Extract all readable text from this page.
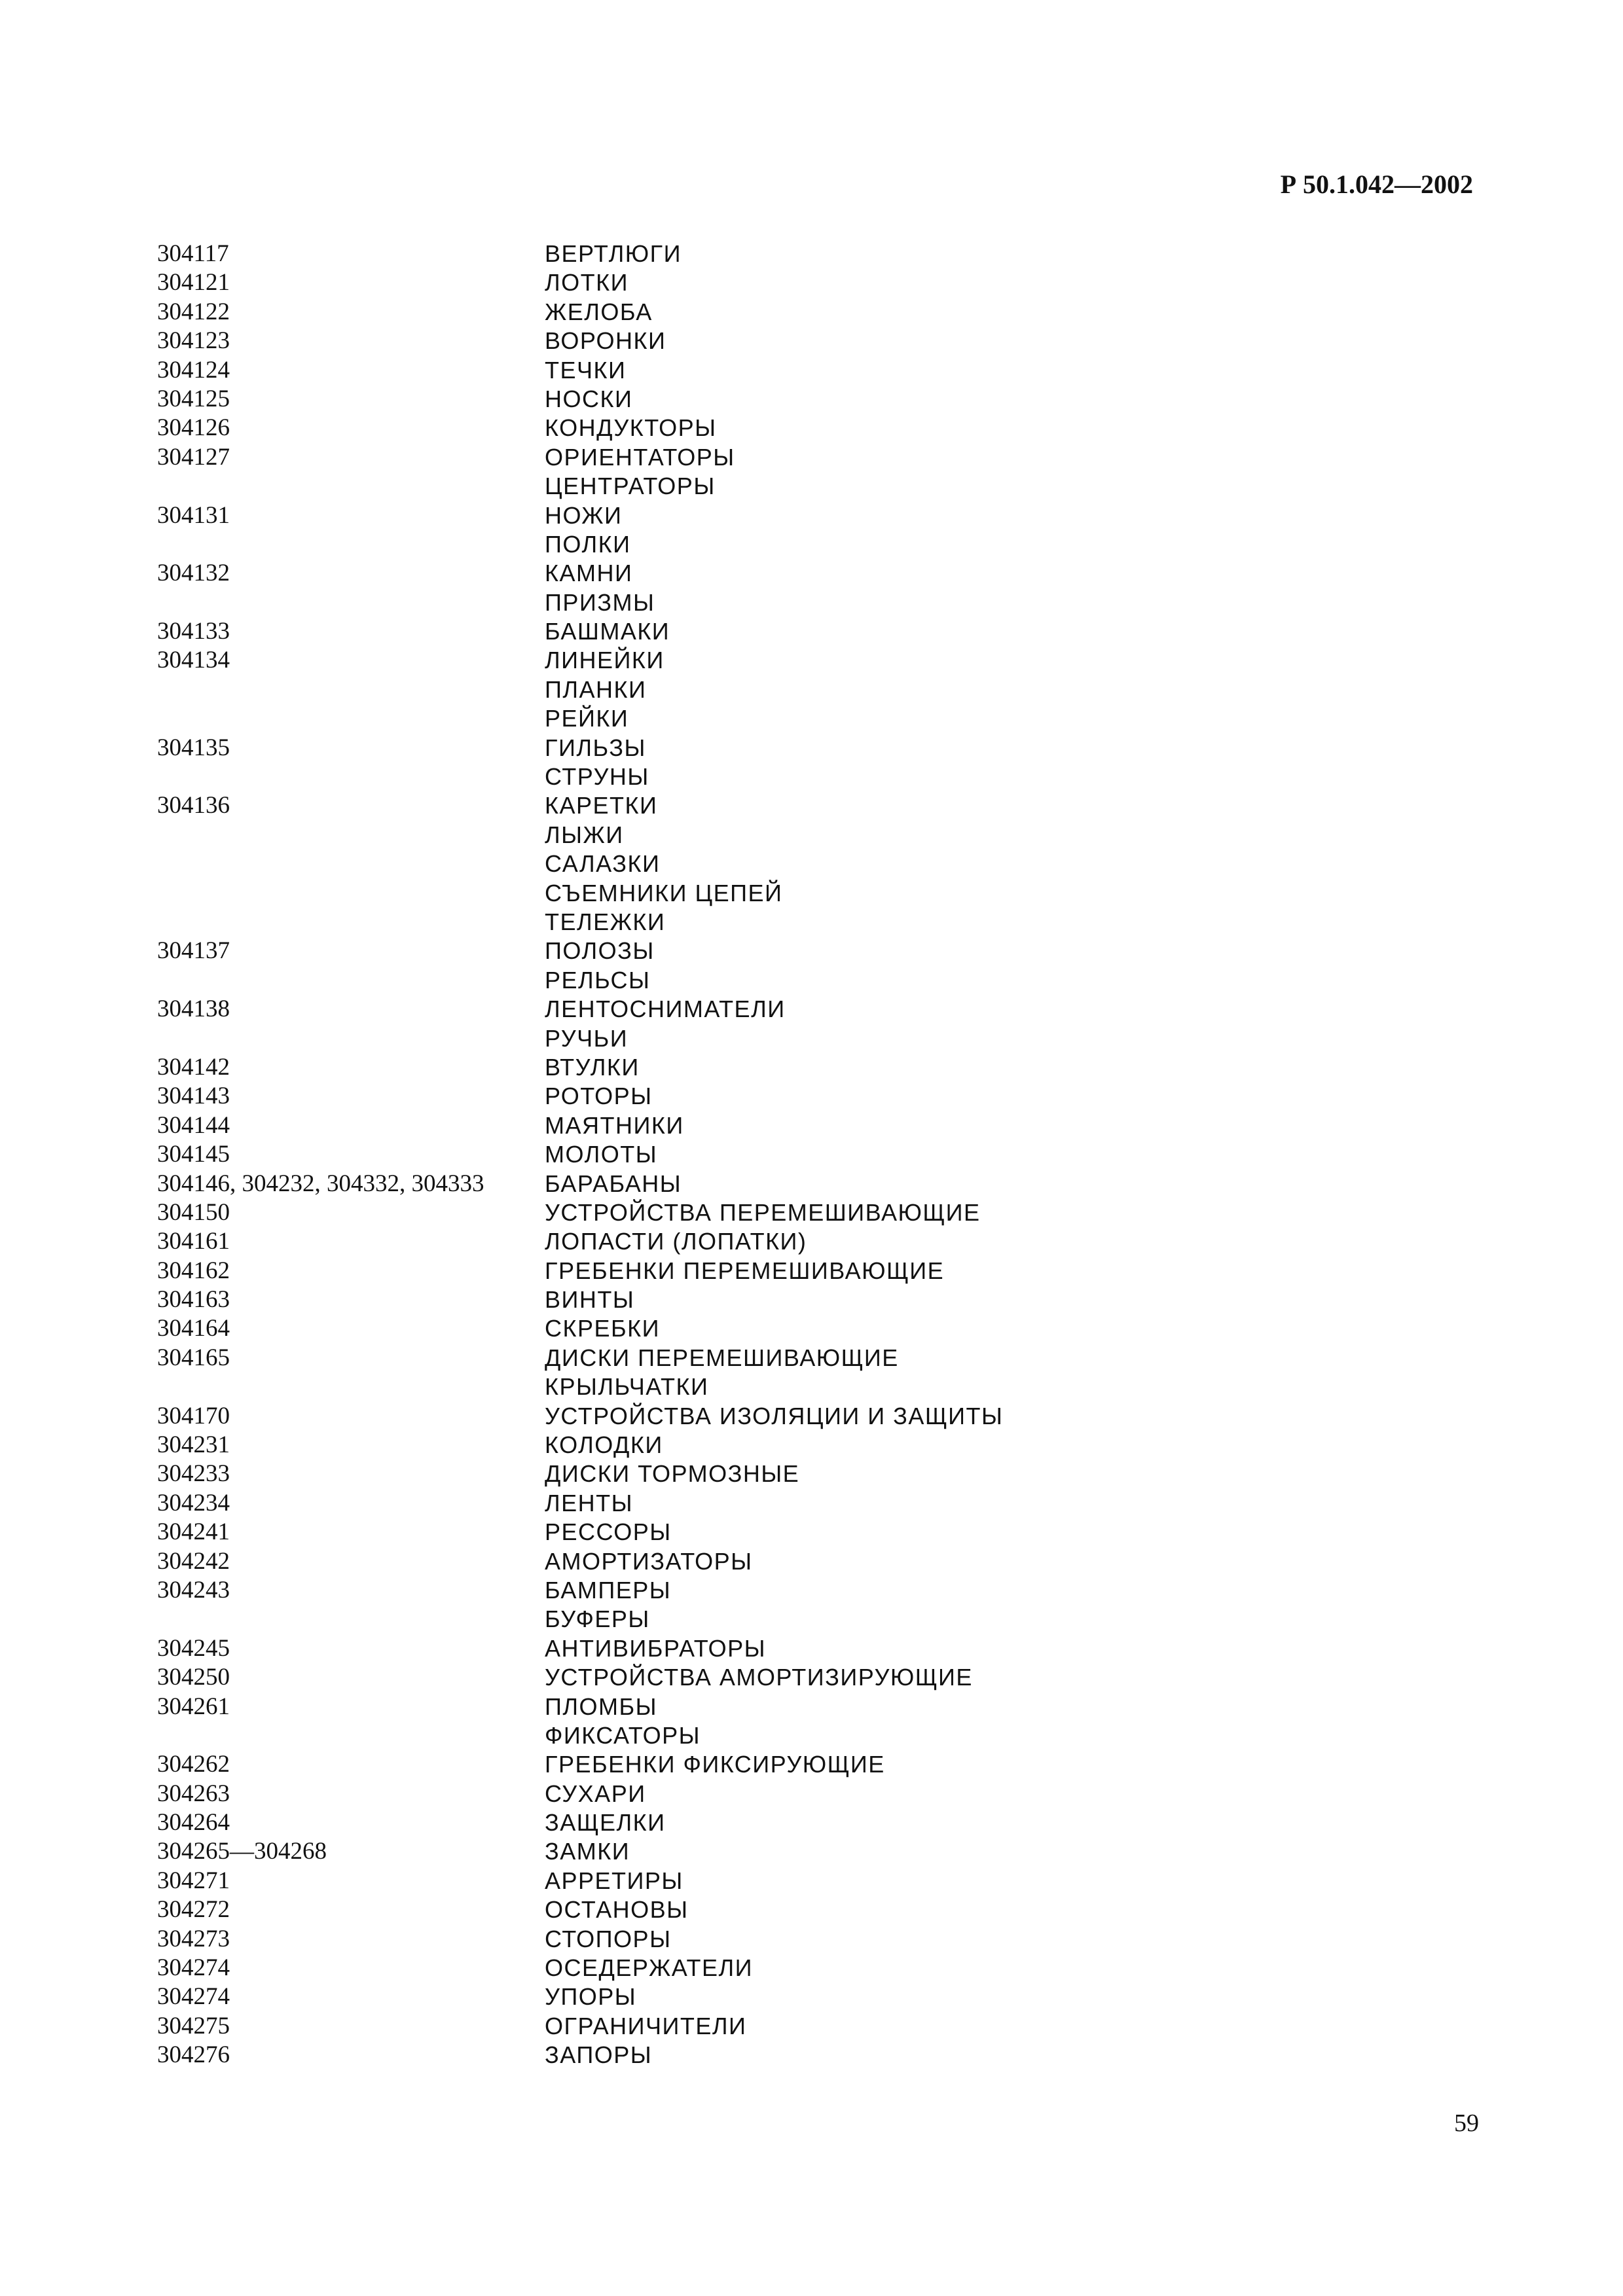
Р 50.1.042—2002
304117	ВЕРТЛЮГИ
304121	ЛОТКИ
304122	ЖЕЛОБА
304123	ВОРОНКИ
304124	ТЕЧКИ
304125	НОСКИ
304126	КОНДУКТОРЫ
304127	ОРИЕНТАТОРЫ
ЦЕНТРАТОРЫ
304131	НОЖИ
ПОЛКИ
304132	КАМНИ
ПРИЗМЫ
304133	БАШМАКИ
304134	ЛИНЕЙКИ
ПЛАНКИ
РЕЙКИ
304135	ГИЛЬЗЫ
СТРУНЫ
304136	КАРЕТКИ
ЛЫЖИ
САЛАЗКИ
СЪЕМНИКИ ЦЕПЕЙ
ТЕЛЕЖКИ
304137	ПОЛОЗЫ
РЕЛЬСЫ
304138	ЛЕНТОСНИМАТЕЛИ
РУЧЬИ
304142	ВТУЛКИ
304143	РОТОРЫ
304144	МАЯТНИКИ
304145	МОЛОТЫ
304146, 304232, 304332, 304333	БАРАБАНЫ
304150	УСТРОЙСТВА ПЕРЕМЕШИВАЮЩИЕ
304161	ЛОПАСТИ (ЛОПАТКИ)
304162	ГРЕБЕНКИ ПЕРЕМЕШИВАЮЩИЕ
304163	ВИНТЫ
304164	СКРЕБКИ
304165	ДИСКИ ПЕРЕМЕШИВАЮЩИЕ
КРЫЛЬЧАТКИ
304170	УСТРОЙСТВА ИЗОЛЯЦИИ И ЗАЩИТЫ
304231	КОЛОДКИ
304233	ДИСКИ ТОРМОЗНЫЕ
304234	ЛЕНТЫ
304241	РЕССОРЫ
304242	АМОРТИЗАТОРЫ
304243	БАМПЕРЫ
БУФЕРЫ
304245	АНТИВИБРАТОРЫ
304250	УСТРОЙСТВА АМОРТИЗИРУЮЩИЕ
304261	ПЛОМБЫ
ФИКСАТОРЫ
304262	ГРЕБЕНКИ ФИКСИРУЮЩИЕ
304263	СУХАРИ
304264	ЗАЩЕЛКИ
304265—304268	ЗАМКИ
304271	АРРЕТИРЫ
304272	ОСТАНОВЫ
304273	СТОПОРЫ
304274	ОСЕДЕРЖАТЕЛИ
304274	УПОРЫ
304275	ОГРАНИЧИТЕЛИ
304276	ЗАПОРЫ
59
